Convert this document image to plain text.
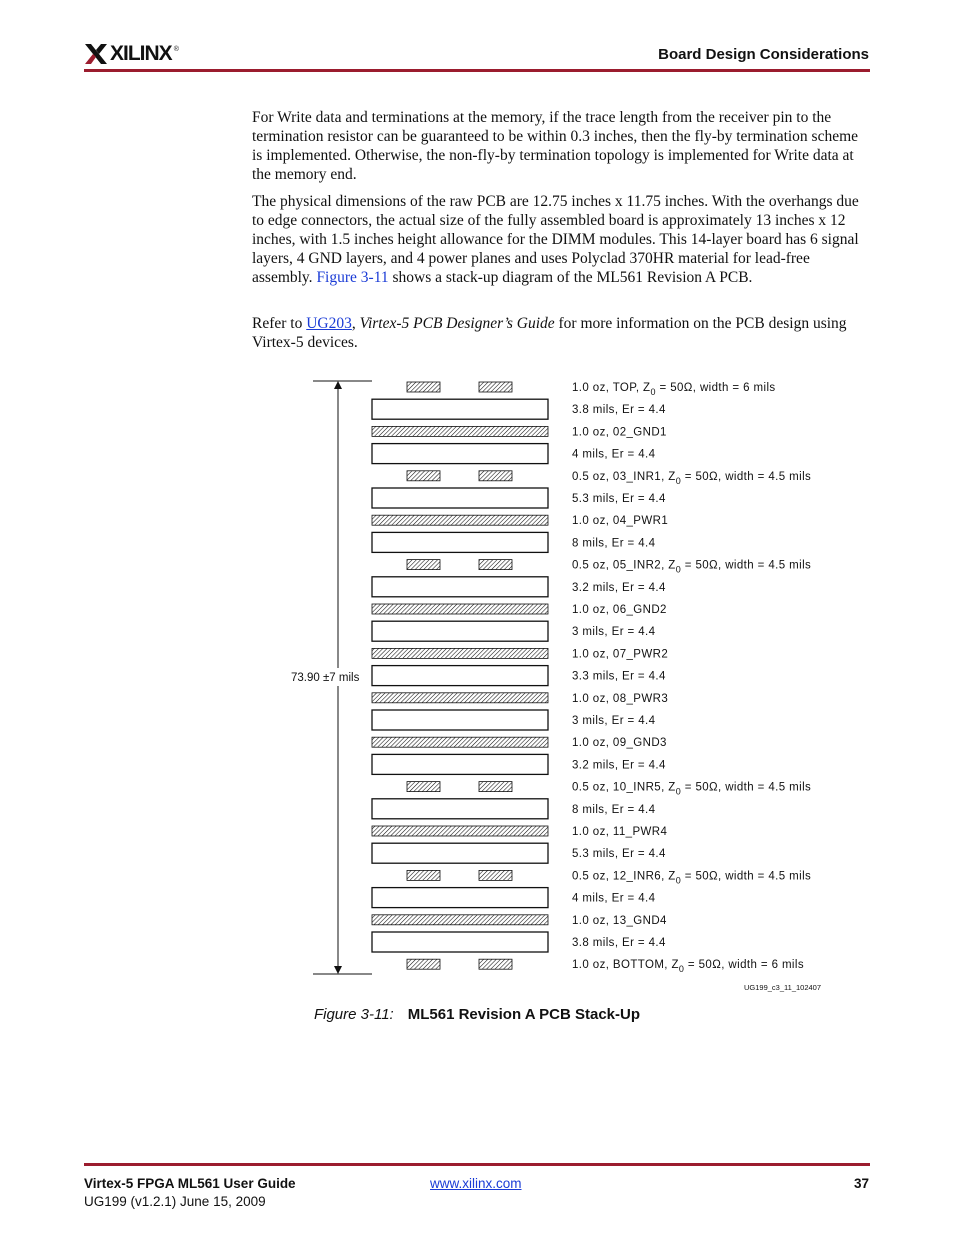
XILINX ®	Board Design Considerations
For Write data and terminations at the memory, if the trace length from the receiver pin to the termination resistor can be guaranteed to be within 0.3 inches, then the fly-by termination scheme is implemented. Otherwise, the non-fly-by termination topology is implemented for Write data at the memory end.
The physical dimensions of the raw PCB are 12.75 inches x 11.75 inches. With the overhangs due to edge connectors, the actual size of the fully assembled board is approximately 13 inches x 12 inches, with 1.5 inches height allowance for the DIMM modules. This 14-layer board has 6 signal layers, 4 GND layers, and 4 power planes and uses Polyclad 370HR material for lead-free assembly. Figure 3-11 shows a stack-up diagram of the ML561 Revision A PCB.
Refer to UG203, Virtex-5 PCB Designer’s Guide for more information on the PCB design using Virtex-5 devices.
73.90 ±7 mils
1.0 oz, TOP, $Z_0 = 50\Omega$, width = 6 mils
3.8 mils, Er = 4.4
1.0 oz, 02_GND1
4 mils, Er = 4.4
0.5 oz, 03_INR1, $Z_0 = 50\Omega$, width = 4.5 mils
5.3 mils, Er = 4.4
1.0 oz, 04_PWR1
8 mils, Er = 4.4
0.5 oz, 05_INR2, $Z_0 = 50\Omega$, width = 4.5 mils
3.2 mils, Er = 4.4
1.0 oz, 06_GND2
3 mils, Er = 4.4
1.0 oz, 07_PWR2
3.3 mils, Er = 4.4
1.0 oz, 08_PWR3
3 mils, Er = 4.4
1.0 oz, 09_GND3
3.2 mils, Er = 4.4
0.5 oz, 10_INR5, $Z_0 = 50\Omega$, width = 4.5 mils
8 mils, Er = 4.4
1.0 oz, 11_PWR4
5.3 mils, Er = 4.4
0.5 oz, 12_INR6, $Z_0 = 50\Omega$, width = 4.5 mils
4 mils, Er = 4.4
1.0 oz, 13_GND4
3.8 mils, Er = 4.4
1.0 oz, BOTTOM, $Z_0 = 50\Omega$, width = 6 mils
UG199_c3_11_102407
Figure 3-11: ML561 Revision A PCB Stack-Up
Virtex-5 FPGA ML561 User Guide
UG199 (v1.2.1) June 15, 2009
www.xilinx.com	37
